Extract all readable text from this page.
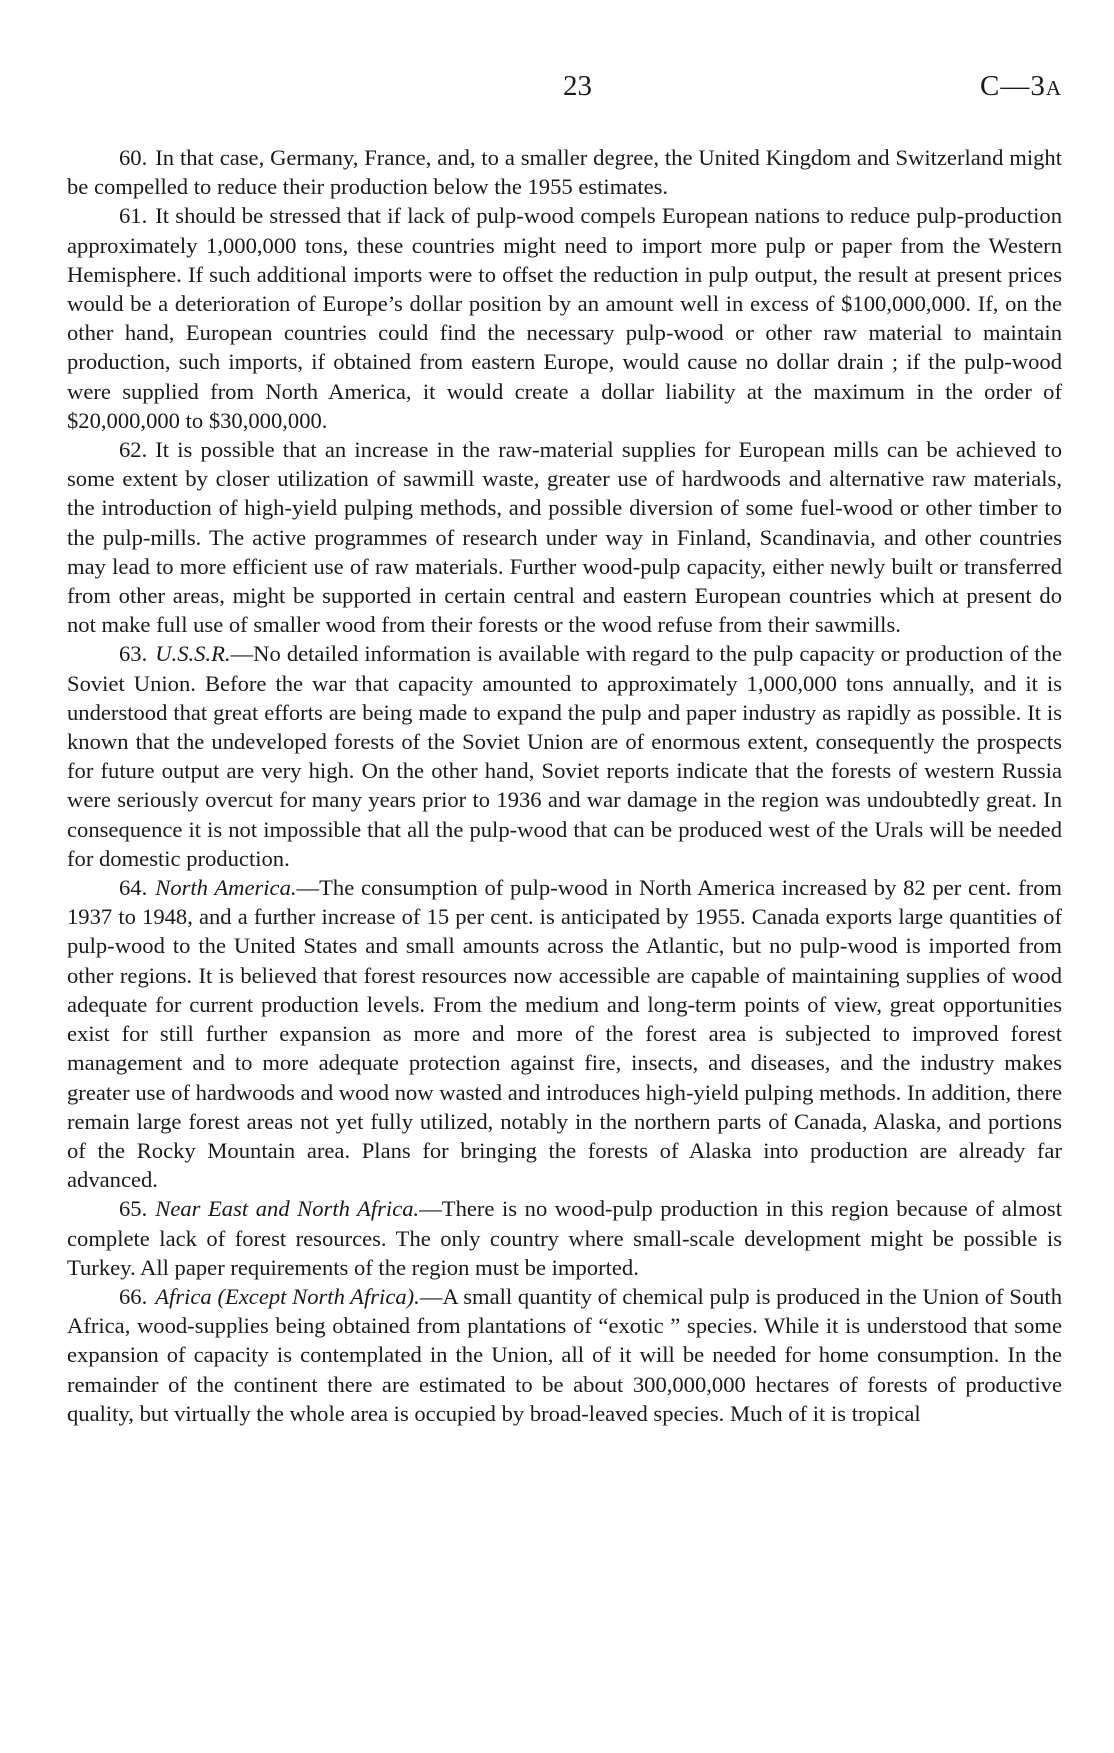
23	C—3A

60. In that case, Germany, France, and, to a smaller degree, the United Kingdom and Switzerland might be compelled to reduce their production below the 1955 estimates.

61. It should be stressed that if lack of pulp-wood compels European nations to reduce pulp-production approximately 1,000,000 tons, these countries might need to import more pulp or paper from the Western Hemisphere. If such additional imports were to offset the reduction in pulp output, the result at present prices would be a deterioration of Europe’s dollar position by an amount well in excess of $100,000,000. If, on the other hand, European countries could find the necessary pulp-wood or other raw material to maintain production, such imports, if obtained from eastern Europe, would cause no dollar drain ; if the pulp-wood were supplied from North America, it would create a dollar liability at the maximum in the order of $20,000,000 to $30,000,000.

62. It is possible that an increase in the raw-material supplies for European mills can be achieved to some extent by closer utilization of sawmill waste, greater use of hardwoods and alternative raw materials, the introduction of high-yield pulping methods, and possible diversion of some fuel-wood or other timber to the pulp-mills. The active programmes of research under way in Finland, Scandinavia, and other countries may lead to more efficient use of raw materials. Further wood-pulp capacity, either newly built or transferred from other areas, might be supported in certain central and eastern European countries which at present do not make full use of smaller wood from their forests or the wood refuse from their sawmills.

63. U.S.S.R.—No detailed information is available with regard to the pulp capacity or production of the Soviet Union. Before the war that capacity amounted to approximately 1,000,000 tons annually, and it is understood that great efforts are being made to expand the pulp and paper industry as rapidly as possible. It is known that the undeveloped forests of the Soviet Union are of enormous extent, consequently the prospects for future output are very high. On the other hand, Soviet reports indicate that the forests of western Russia were seriously overcut for many years prior to 1936 and war damage in the region was undoubtedly great. In consequence it is not impossible that all the pulp-wood that can be produced west of the Urals will be needed for domestic production.

64. North America.—The consumption of pulp-wood in North America increased by 82 per cent. from 1937 to 1948, and a further increase of 15 per cent. is anticipated by 1955. Canada exports large quantities of pulp-wood to the United States and small amounts across the Atlantic, but no pulp-wood is imported from other regions. It is believed that forest resources now accessible are capable of maintaining supplies of wood adequate for current production levels. From the medium and long-term points of view, great opportunities exist for still further expansion as more and more of the forest area is subjected to improved forest management and to more adequate protection against fire, insects, and diseases, and the industry makes greater use of hardwoods and wood now wasted and introduces high-yield pulping methods. In addition, there remain large forest areas not yet fully utilized, notably in the northern parts of Canada, Alaska, and portions of the Rocky Mountain area. Plans for bringing the forests of Alaska into production are already far advanced.

65. Near East and North Africa.—There is no wood-pulp production in this region because of almost complete lack of forest resources. The only country where small-scale development might be possible is Turkey. All paper requirements of the region must be imported.

66. Africa (Except North Africa).—A small quantity of chemical pulp is produced in the Union of South Africa, wood-supplies being obtained from plantations of “exotic ” species. While it is understood that some expansion of capacity is contemplated in the Union, all of it will be needed for home consumption. In the remainder of the continent there are estimated to be about 300,000,000 hectares of forests of productive quality, but virtually the whole area is occupied by broad-leaved species. Much of it is tropical
